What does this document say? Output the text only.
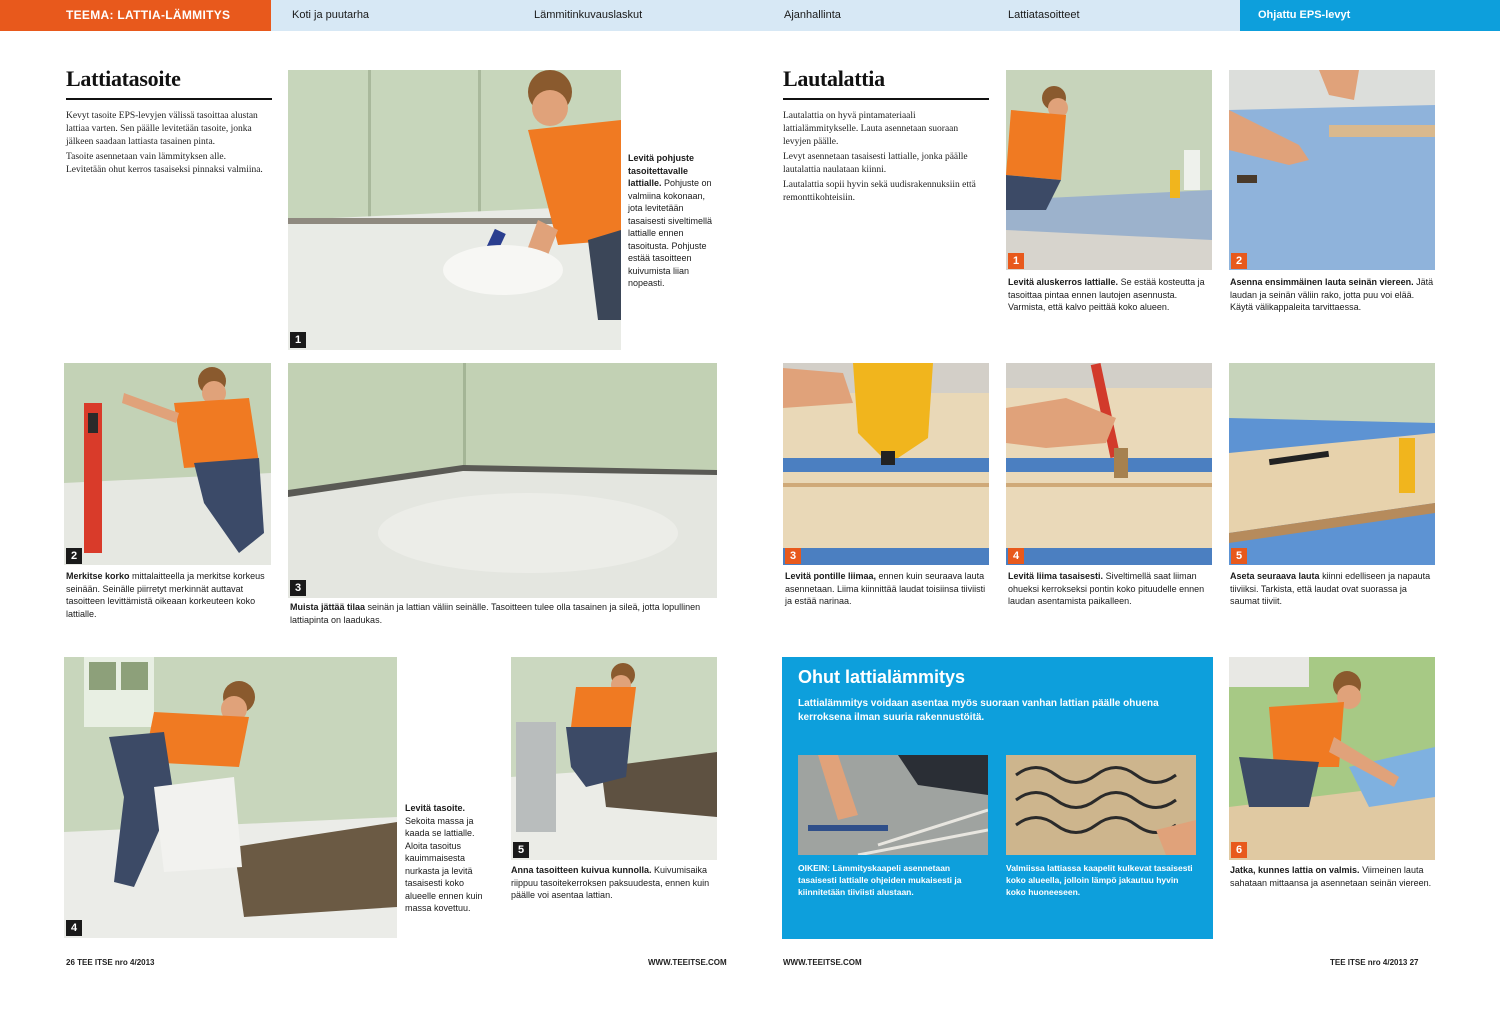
TEEMA: LATTIA-LÄMMITYS	Koti ja puutarha	Lämmitinkuvauslaskut	Ajanhallinta	Lattiatasoitteet	Ohjattu EPS-levyt
Lattiatasoite

Kevyt tasoite EPS-levyjen välissä tasoittaa alustan lattiaa varten. Sen päälle levitetään tasoite, jonka jälkeen saadaan lattiasta tasainen pinta.

Tasoite asennetaan vain lämmityksen alle. Levitetään ohut kerros tasaiseksi pinnaksi valmiina.

1

Levitä pohjuste tasoitettavalle lattialle. Pohjuste on valmiina kokonaan, jota levitetään tasaisesti siveltimellä lattialle ennen tasoitusta. Pohjuste estää tasoitteen kuivumista liian nopeasti.

2

Merkitse korko mittalaitteella ja merkitse korkeus seinään. Seinälle piirretyt merkinnät auttavat tasoitteen levittämistä oikeaan korkeuteen koko lattialle.

3

Muista jättää tilaa seinän ja lattian väliin seinälle. Tasoitteen tulee olla tasainen ja sileä, jotta lopullinen lattiapinta on laadukas.

4

Levitä tasoite. Sekoita massa ja kaada se lattialle. Aloita tasoitus kauimmaisesta nurkasta ja levitä tasaisesti koko alueelle ennen kuin massa kovettuu.

5

Anna tasoitteen kuivua kunnolla. Kuivumisaika riippuu tasoitekerroksen paksuudesta, ennen kuin päälle voi asentaa lattian.

26 TEE ITSE nro 4/2013	WWW.TEEITSE.COM
Lautalattia

Lautalattia on hyvä pintamateriaali lattialämmitykselle. Lauta asennetaan suoraan levyjen päälle.

Levyt asennetaan tasaisesti lattialle, jonka päälle lautalattia naulataan kiinni.

Lautalattia sopii hyvin sekä uudisrakennuksiin että remonttikohteisiin.

1

Levitä aluskerros lattialle. Se estää kosteutta ja tasoittaa pintaa ennen lautojen asennusta. Varmista, että kalvo peittää koko alueen.

2

Asenna ensimmäinen lauta seinän viereen. Jätä laudan ja seinän väliin rako, jotta puu voi elää. Käytä välikappaleita tarvittaessa.

3

Levitä pontille liimaa, ennen kuin seuraava lauta asennetaan. Liima kiinnittää laudat toisiinsa tiiviisti ja estää narinaa.

4

Levitä liima tasaisesti. Siveltimellä saat liiman ohueksi kerrokseksi pontin koko pituudelle ennen laudan asentamista paikalleen.

5

Aseta seuraava lauta kiinni edelliseen ja napauta tiiviiksi. Tarkista, että laudat ovat suorassa ja saumat tiiviit.

Ohut lattialämmitys

Lattialämmitys voidaan asentaa myös suoraan vanhan lattian päälle ohuena kerroksena ilman suuria rakennustöitä.

OIKEIN: Lämmityskaapeli asennetaan tasaisesti lattialle ohjeiden mukaisesti ja kiinnitetään tiiviisti alustaan.

Valmiissa lattiassa kaapelit kulkevat tasaisesti koko alueella, jolloin lämpö jakautuu hyvin koko huoneeseen.

6

Jatka, kunnes lattia on valmis. Viimeinen lauta sahataan mittaansa ja asennetaan seinän viereen.

WWW.TEEITSE.COM	TEE ITSE nro 4/2013 27
